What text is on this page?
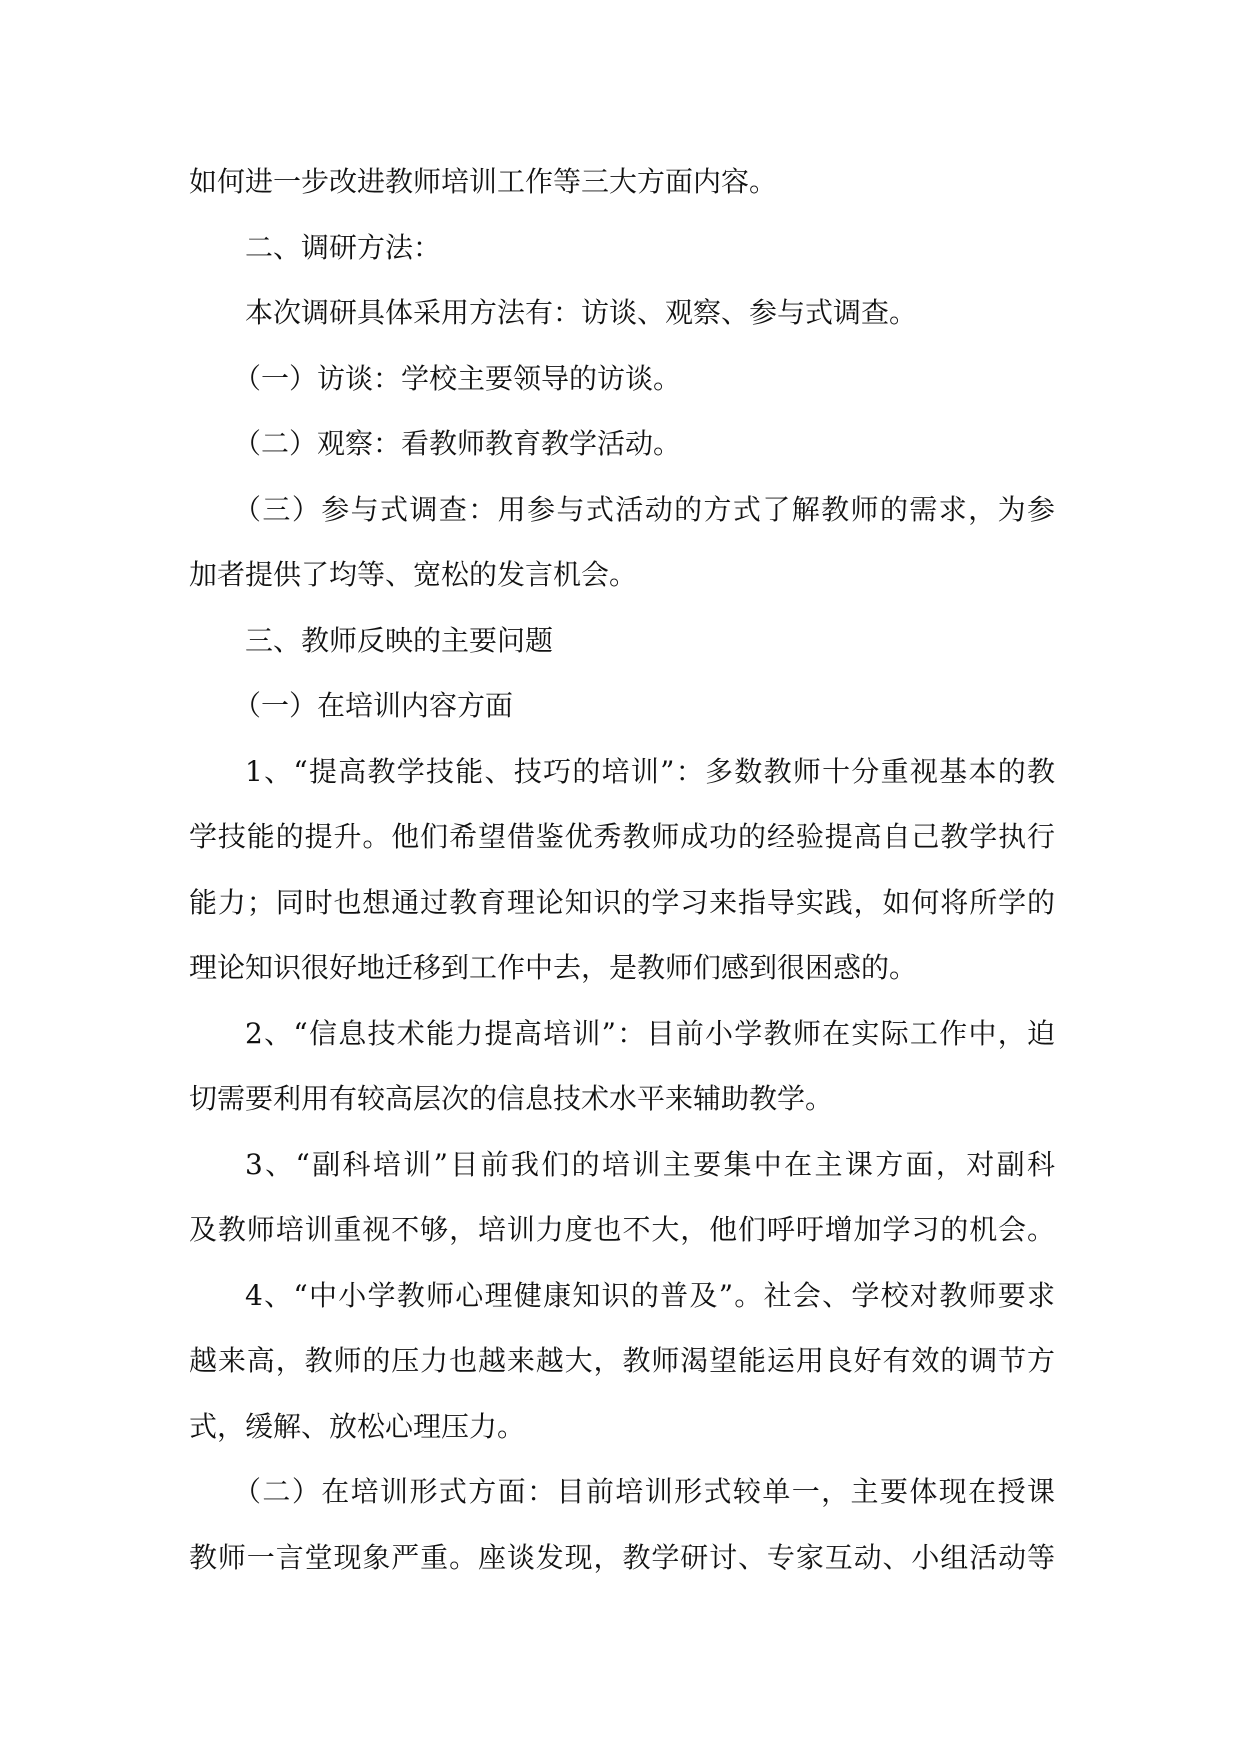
如何进一步改进教师培训工作等三大方面内容。
二、调研方法：
本次调研具体采用方法有：访谈、观察、参与式调查。
（一）访谈：学校主要领导的访谈。
（二）观察：看教师教育教学活动。
（三）参与式调查：用参与式活动的方式了解教师的需求，为参
加者提供了均等、宽松的发言机会。
三、教师反映的主要问题
（一）在培训内容方面
1、“提高教学技能、技巧的培训”：多数教师十分重视基本的教
学技能的提升。他们希望借鉴优秀教师成功的经验提高自己教学执行
能力；同时也想通过教育理论知识的学习来指导实践，如何将所学的
理论知识很好地迁移到工作中去，是教师们感到很困惑的。
2、“信息技术能力提高培训”：目前小学教师在实际工作中，迫
切需要利用有较高层次的信息技术水平来辅助教学。
3、“副科培训”目前我们的培训主要集中在主课方面，对副科
及教师培训重视不够，培训力度也不大，他们呼吁增加学习的机会。
4、“中小学教师心理健康知识的普及”。社会、学校对教师要求
越来高，教师的压力也越来越大，教师渴望能运用良好有效的调节方
式，缓解、放松心理压力。
（二）在培训形式方面：目前培训形式较单一，主要体现在授课
教师一言堂现象严重。座谈发现，教学研讨、专家互动、小组活动等
